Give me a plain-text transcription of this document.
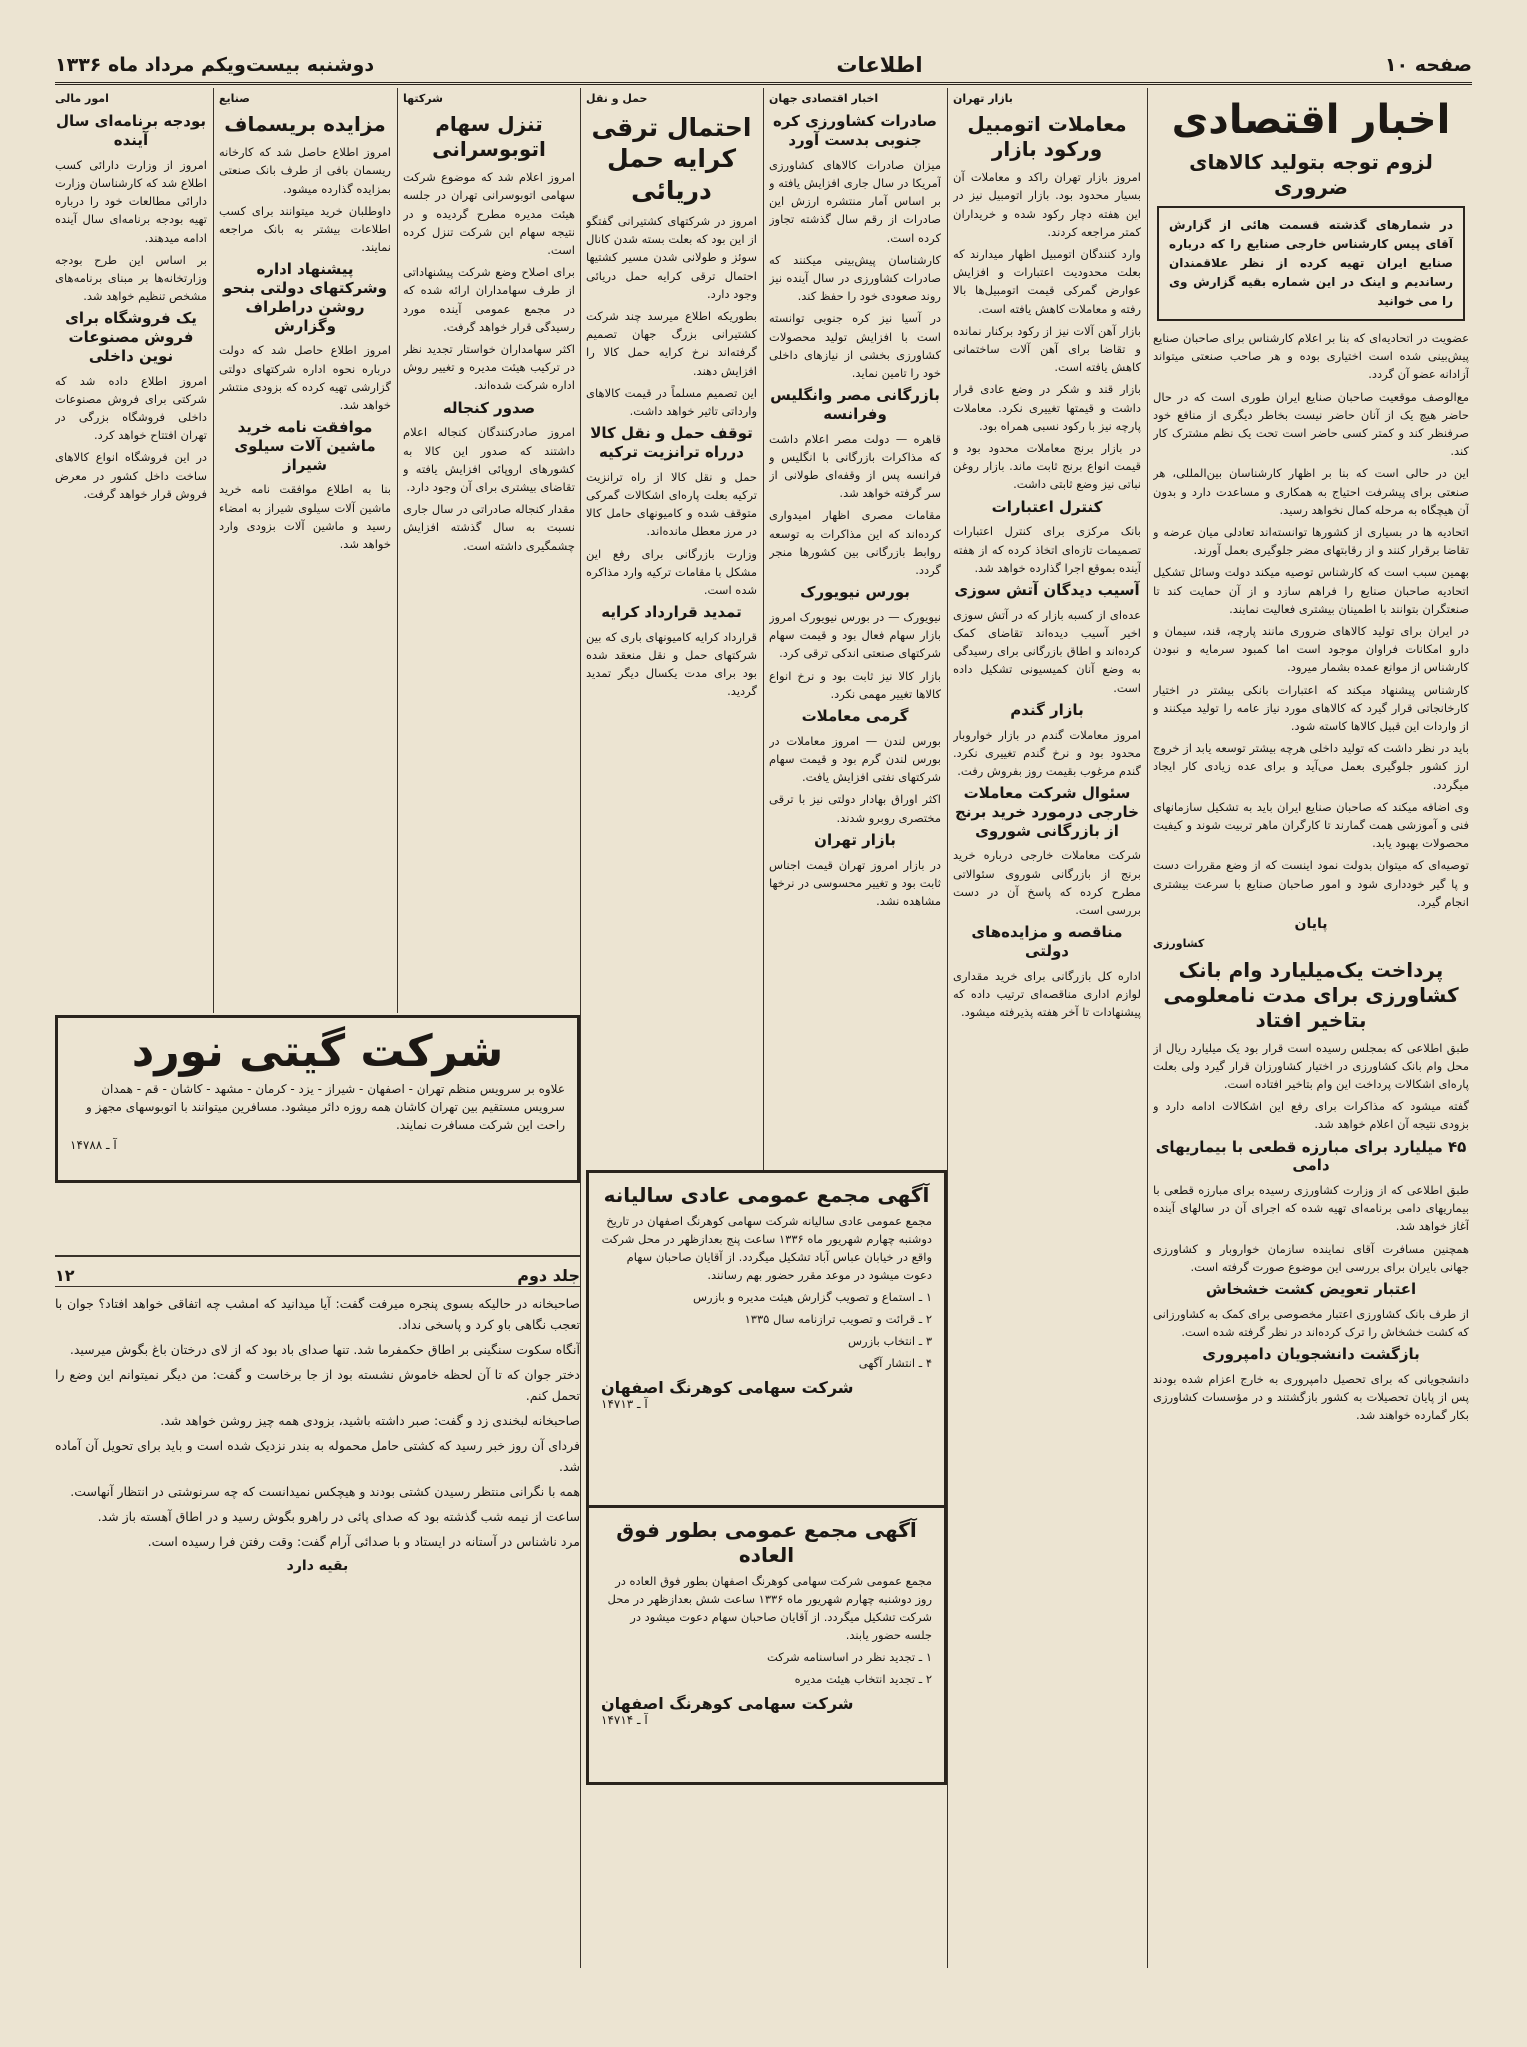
صفحه ۱۰
اطلاعات
دوشنبه بیست‌ویکم مرداد ماه ۱۳۳۶
اخبار اقتصادی
لزوم توجه بتولید کالاهای ضروری
در شمارهای گذشته قسمت هائی از گزارش آقای پیس کارشناس خارجی صنایع را که درباره صنایع ایران تهیه کرده از نظر علاقمندان رساندیم و اینک در این شماره بقیه گزارش وی را می خوانید

عضویت در اتحادیه‌ای که بنا بر اعلام کارشناس برای صاحبان صنایع پیش‌بینی شده است اختیاری بوده و هر صاحب صنعتی میتواند آزادانه عضو آن گردد.

مع‌الوصف موقعیت صاحبان صنایع ایران طوری است که در حال حاضر هیچ یک از آنان حاضر نیست بخاطر دیگری از منافع خود صرفنظر کند و کمتر کسی حاضر است تحت یک نظم مشترک کار کند.

این در حالی است که بنا بر اظهار کارشناسان بین‌المللی، هر صنعتی برای پیشرفت احتیاج به همکاری و مساعدت دارد و بدون آن هیچگاه به مرحله کمال نخواهد رسید.

اتحادیه ها در بسیاری از کشورها توانسته‌اند تعادلی میان عرضه و تقاضا برقرار کنند و از رقابتهای مضر جلوگیری بعمل آورند.

بهمین سبب است که کارشناس توصیه میکند دولت وسائل تشکیل اتحادیه صاحبان صنایع را فراهم سازد و از آن حمایت کند تا صنعتگران بتوانند با اطمینان بیشتری فعالیت نمایند.

در ایران برای تولید کالاهای ضروری مانند پارچه، قند، سیمان و دارو امکانات فراوان موجود است اما کمبود سرمایه و نبودن کارشناس از موانع عمده بشمار میرود.

کارشناس پیشنهاد میکند که اعتبارات بانکی بیشتر در اختیار کارخانجاتی قرار گیرد که کالاهای مورد نیاز عامه را تولید میکنند و از واردات این قبیل کالاها کاسته شود.

باید در نظر داشت که تولید داخلی هرچه بیشتر توسعه یابد از خروج ارز کشور جلوگیری بعمل می‌آید و برای عده زیادی کار ایجاد میگردد.

وی اضافه میکند که صاحبان صنایع ایران باید به تشکیل سازمانهای فنی و آموزشی همت گمارند تا کارگران ماهر تربیت شوند و کیفیت محصولات بهبود یابد.

توصیه‌ای که میتوان بدولت نمود اینست که از وضع مقررات دست و پا گیر خودداری شود و امور صاحبان صنایع با سرعت بیشتری انجام گیرد.

پایان
کشاورزی
پرداخت یک‌میلیارد وام بانک کشاورزی برای مدت نامعلومی بتاخیر افتاد

طبق اطلاعی که بمجلس رسیده است قرار بود یک میلیارد ریال از محل وام بانک کشاورزی در اختیار کشاورزان قرار گیرد ولی بعلت پاره‌ای اشکالات پرداخت این وام بتاخیر افتاده است.

گفته میشود که مذاکرات برای رفع این اشکالات ادامه دارد و بزودی نتیجه آن اعلام خواهد شد.

۴۵ میلیارد برای مبارزه قطعی با بیماریهای دامی

طبق اطلاعی که از وزارت کشاورزی رسیده برای مبارزه قطعی با بیماریهای دامی برنامه‌ای تهیه شده که اجرای آن در سالهای آینده آغاز خواهد شد.

همچنین مسافرت آقای نماینده سازمان خواروبار و کشاورزی جهانی بایران برای بررسی این موضوع صورت گرفته است.

اعتبار تعویض کشت خشخاش

از طرف بانک کشاورزی اعتبار مخصوصی برای کمک به کشاورزانی که کشت خشخاش را ترک کرده‌اند در نظر گرفته شده است.

بازگشت دانشجویان دامپروری

دانشجویانی که برای تحصیل دامپروری به خارج اعزام شده بودند پس از پایان تحصیلات به کشور بازگشتند و در مؤسسات کشاورزی بکار گمارده خواهند شد.

بازار تهران
معاملات اتومبیل ورکود بازار

امروز بازار تهران راکد و معاملات آن بسیار محدود بود. بازار اتومبیل نیز در این هفته دچار رکود شده و خریداران کمتر مراجعه کردند.

وارد کنندگان اتومبیل اظهار میدارند که بعلت محدودیت اعتبارات و افزایش عوارض گمرکی قیمت اتومبیل‌ها بالا رفته و معاملات کاهش یافته است.

بازار آهن آلات نیز از رکود برکنار نمانده و تقاضا برای آهن آلات ساختمانی کاهش یافته است.

بازار قند و شکر در وضع عادی قرار داشت و قیمتها تغییری نکرد. معاملات پارچه نیز با رکود نسبی همراه بود.

در بازار برنج معاملات محدود بود و قیمت انواع برنج ثابت ماند. بازار روغن نباتی نیز وضع ثابتی داشت.

کنترل اعتبارات

بانک مرکزی برای کنترل اعتبارات تصمیمات تازه‌ای اتخاذ کرده که از هفته آینده بموقع اجرا گذارده خواهد شد.

آسیب دیدگان آتش سوزی

عده‌ای از کسبه بازار که در آتش سوزی اخیر آسیب دیده‌اند تقاضای کمک کرده‌اند و اطاق بازرگانی برای رسیدگی به وضع آنان کمیسیونی تشکیل داده است.

بازار گندم

امروز معاملات گندم در بازار خواروبار محدود بود و نرخ گندم تغییری نکرد. گندم مرغوب بقیمت روز بفروش رفت.

سئوال شرکت معاملات خارجی درمورد خرید برنج از بازرگانی شوروی

شرکت معاملات خارجی درباره خرید برنج از بازرگانی شوروی سئوالاتی مطرح کرده که پاسخ آن در دست بررسی است.

مناقصه و مزایده‌های دولتی

اداره کل بازرگانی برای خرید مقداری لوازم اداری مناقصه‌ای ترتیب داده که پیشنهادات تا آخر هفته پذیرفته میشود.

اخبار اقتصادی جهان
صادرات کشاورزی کره جنوبی بدست آورد

میزان صادرات کالاهای کشاورزی آمریکا در سال جاری افزایش یافته و بر اساس آمار منتشره ارزش این صادرات از رقم سال گذشته تجاوز کرده است.

کارشناسان پیش‌بینی میکنند که صادرات کشاورزی در سال آینده نیز روند صعودی خود را حفظ کند.

در آسیا نیز کره جنوبی توانسته است با افزایش تولید محصولات کشاورزی بخشی از نیازهای داخلی خود را تامین نماید.

بازرگانی مصر وانگلیس وفرانسه

قاهره — دولت مصر اعلام داشت که مذاکرات بازرگانی با انگلیس و فرانسه پس از وقفه‌ای طولانی از سر گرفته خواهد شد.

مقامات مصری اظهار امیدواری کرده‌اند که این مذاکرات به توسعه روابط بازرگانی بین کشورها منجر گردد.

بورس نیویورک

نیویورک — در بورس نیویورک امروز بازار سهام فعال بود و قیمت سهام شرکتهای صنعتی اندکی ترقی کرد.

بازار کالا نیز ثابت بود و نرخ انواع کالاها تغییر مهمی نکرد.

گرمی معاملات

بورس لندن — امروز معاملات در بورس لندن گرم بود و قیمت سهام شرکتهای نفتی افزایش یافت.

اکثر اوراق بهادار دولتی نیز با ترقی مختصری روبرو شدند.

بازار تهران

در بازار امروز تهران قیمت اجناس ثابت بود و تغییر محسوسی در نرخها مشاهده نشد.

حمل و نقل
احتمال ترقی کرایه حمل دریائی

امروز در شرکتهای کشتیرانی گفتگو از این بود که بعلت بسته شدن کانال سوئز و طولانی شدن مسیر کشتیها احتمال ترقی کرایه حمل دریائی وجود دارد.

بطوریکه اطلاع میرسد چند شرکت کشتیرانی بزرگ جهان تصمیم گرفته‌اند نرخ کرایه حمل کالا را افزایش دهند.

این تصمیم مسلماً در قیمت کالاهای وارداتی تاثیر خواهد داشت.

توقف حمل و نقل کالا درراه ترانزیت ترکیه

حمل و نقل کالا از راه ترانزیت ترکیه بعلت پاره‌ای اشکالات گمرکی متوقف شده و کامیونهای حامل کالا در مرز معطل مانده‌اند.

وزارت بازرگانی برای رفع این مشکل با مقامات ترکیه وارد مذاکره شده است.

تمدید قرارداد کرایه

قرارداد کرایه کامیونهای باری که بین شرکتهای حمل و نقل منعقد شده بود برای مدت یکسال دیگر تمدید گردید.

شرکتها
تنزل سهام اتوبوسرانی

امروز اعلام شد که موضوع شرکت سهامی اتوبوسرانی تهران در جلسه هیئت مدیره مطرح گردیده و در نتیجه سهام این شرکت تنزل کرده است.

برای اصلاح وضع شرکت پیشنهاداتی از طرف سهامداران ارائه شده که در مجمع عمومی آینده مورد رسیدگی قرار خواهد گرفت.

اکثر سهامداران خواستار تجدید نظر در ترکیب هیئت مدیره و تغییر روش اداره شرکت شده‌اند.

صدور کنجاله

امروز صادرکنندگان کنجاله اعلام داشتند که صدور این کالا به کشورهای اروپائی افزایش یافته و تقاضای بیشتری برای آن وجود دارد.

مقدار کنجاله صادراتی در سال جاری نسبت به سال گذشته افزایش چشمگیری داشته است.

صنایع
مزایده بریسماف

امروز اطلاع حاصل شد که کارخانه ریسمان بافی از طرف بانک صنعتی بمزایده گذارده میشود.

داوطلبان خرید میتوانند برای کسب اطلاعات بیشتر به بانک مراجعه نمایند.

پیشنهاد اداره وشرکتهای دولتی بنحو روشن دراطراف وگزارش

امروز اطلاع حاصل شد که دولت درباره نحوه اداره شرکتهای دولتی گزارشی تهیه کرده که بزودی منتشر خواهد شد.

موافقت نامه خرید ماشین آلات سیلوی شیراز

بنا به اطلاع موافقت نامه خرید ماشین آلات سیلوی شیراز به امضاء رسید و ماشین آلات بزودی وارد خواهد شد.

امور مالی
بودجه برنامه‌ای سال آینده

امروز از وزارت دارائی کسب اطلاع شد که کارشناسان وزارت دارائی مطالعات خود را درباره تهیه بودجه برنامه‌ای سال آینده ادامه میدهند.

بر اساس این طرح بودجه وزارتخانه‌ها بر مبنای برنامه‌های مشخص تنظیم خواهد شد.

یک فروشگاه برای فروش مصنوعات نوین داخلی

امروز اطلاع داده شد که شرکتی برای فروش مصنوعات داخلی فروشگاه بزرگی در تهران افتتاح خواهد کرد.

در این فروشگاه انواع کالاهای ساخت داخل کشور در معرض فروش قرار خواهد گرفت.

شرکت گیتی نورد

علاوه بر سرویس منظم تهران - اصفهان - شیراز - یزد - کرمان - مشهد - کاشان - قم - همدان سرویس مستقیم بین تهران کاشان همه روزه دائر میشود. مسافرین میتوانند با اتوبوسهای مجهز و راحت این شرکت مسافرت نمایند.

آ ـ ۱۴۷۸۸
جلد دوم
۱۲

صاحبخانه در حالیکه بسوی پنجره میرفت گفت: آیا میدانید که امشب چه اتفاقی خواهد افتاد؟ جوان با تعجب نگاهی باو کرد و پاسخی نداد.

آنگاه سکوت سنگینی بر اطاق حکمفرما شد. تنها صدای باد بود که از لای درختان باغ بگوش میرسید.

دختر جوان که تا آن لحظه خاموش نشسته بود از جا برخاست و گفت: من دیگر نمیتوانم این وضع را تحمل کنم.

صاحبخانه لبخندی زد و گفت: صبر داشته باشید، بزودی همه چیز روشن خواهد شد.

فردای آن روز خبر رسید که کشتی حامل محموله به بندر نزدیک شده است و باید برای تحویل آن آماده شد.

همه با نگرانی منتظر رسیدن کشتی بودند و هیچکس نمیدانست که چه سرنوشتی در انتظار آنهاست.

ساعت از نیمه شب گذشته بود که صدای پائی در راهرو بگوش رسید و در اطاق آهسته باز شد.

مرد ناشناس در آستانه در ایستاد و با صدائی آرام گفت: وقت رفتن فرا رسیده است.

بقیه دارد
آگهی مجمع عمومی عادی سالیانه

مجمع عمومی عادی سالیانه شرکت سهامی کوهرنگ اصفهان در تاریخ دوشنبه چهارم شهریور ماه ۱۳۳۶ ساعت پنج بعدازظهر در محل شرکت واقع در خیابان عباس آباد تشکیل میگردد. از آقایان صاحبان سهام دعوت میشود در موعد مقرر حضور بهم رسانند.

۱ ـ استماع و تصویب گزارش هیئت مدیره و بازرس

۲ ـ قرائت و تصویب ترازنامه سال ۱۳۳۵

۳ ـ انتخاب بازرس

۴ ـ انتشار آگهی

شرکت سهامی کوهرنگ اصفهان
آ ـ ۱۴۷۱۳
آگهی مجمع عمومی بطور فوق العاده

مجمع عمومی شرکت سهامی کوهرنگ اصفهان بطور فوق العاده در روز دوشنبه چهارم شهریور ماه ۱۳۳۶ ساعت شش بعدازظهر در محل شرکت تشکیل میگردد. از آقایان صاحبان سهام دعوت میشود در جلسه حضور یابند.

۱ ـ تجدید نظر در اساسنامه شرکت

۲ ـ تجدید انتخاب هیئت مدیره

شرکت سهامی کوهرنگ اصفهان
آ ـ ۱۴۷۱۴
